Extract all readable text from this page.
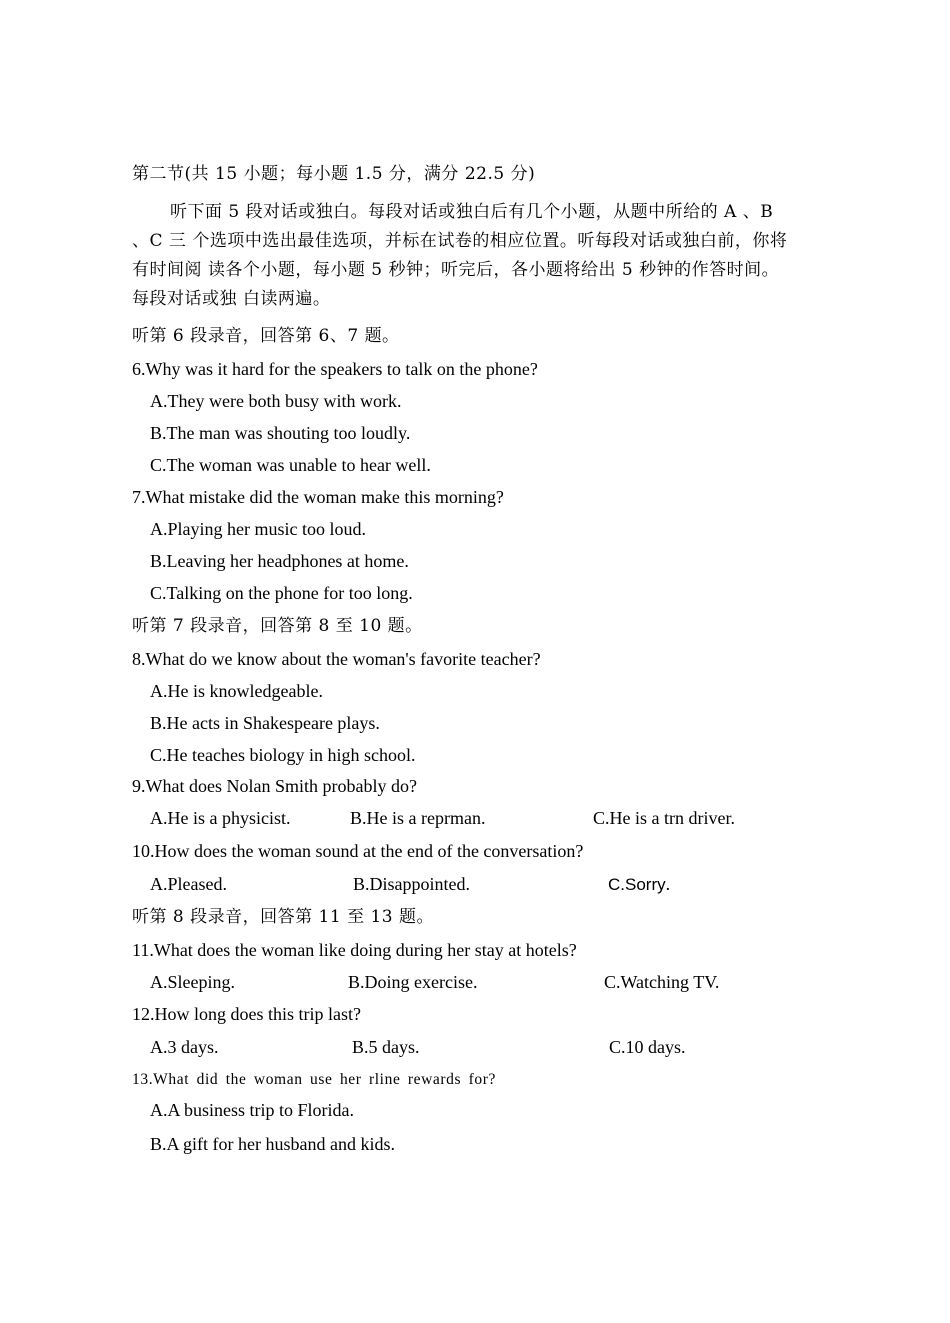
第二节(共 15 小题；每小题 1.5 分，满分 22.5 分)
听下面 5 段对话或独白。每段对话或独白后有几个小题，从题中所给的 A 、B
、C 三 个选项中选出最佳选项，并标在试卷的相应位置。听每段对话或独白前，你将
有时间阅 读各个小题，每小题 5 秒钟；听完后，各小题将给出 5 秒钟的作答时间。
每段对话或独 白读两遍。
听第 6 段录音，回答第 6、7 题。
6.Why was it hard for the speakers to talk on the phone?
A.They were both busy with work.
B.The man was shouting too loudly.
C.The woman was unable to hear well.
7.What mistake did the woman make this morning?
A.Playing her music too loud.
B.Leaving her headphones at home.
C.Talking on the phone for too long.
听第 7 段录音，回答第 8 至 10 题。
8.What do we know about the woman's favorite teacher?
A.He is knowledgeable.
B.He acts in Shakespeare plays.
C.He teaches biology in high school.
9.What does Nolan Smith probably do?
A.He is a physicist.	B.He is a reprman.	C.He is a trn driver.
10.How does the woman sound at the end of the conversation?
A.Pleased.	B.Disappointed.	C.Sorry.
听第 8 段录音，回答第 11 至 13 题。
11.What does the woman like doing during her stay at hotels?
A.Sleeping.	B.Doing exercise.	C.Watching TV.
12.How long does this trip last?
A.3 days.	B.5 days.	C.10 days.
13.What did the woman use her rline rewards for?
A.A business trip to Florida.
B.A gift for her husband and kids.
